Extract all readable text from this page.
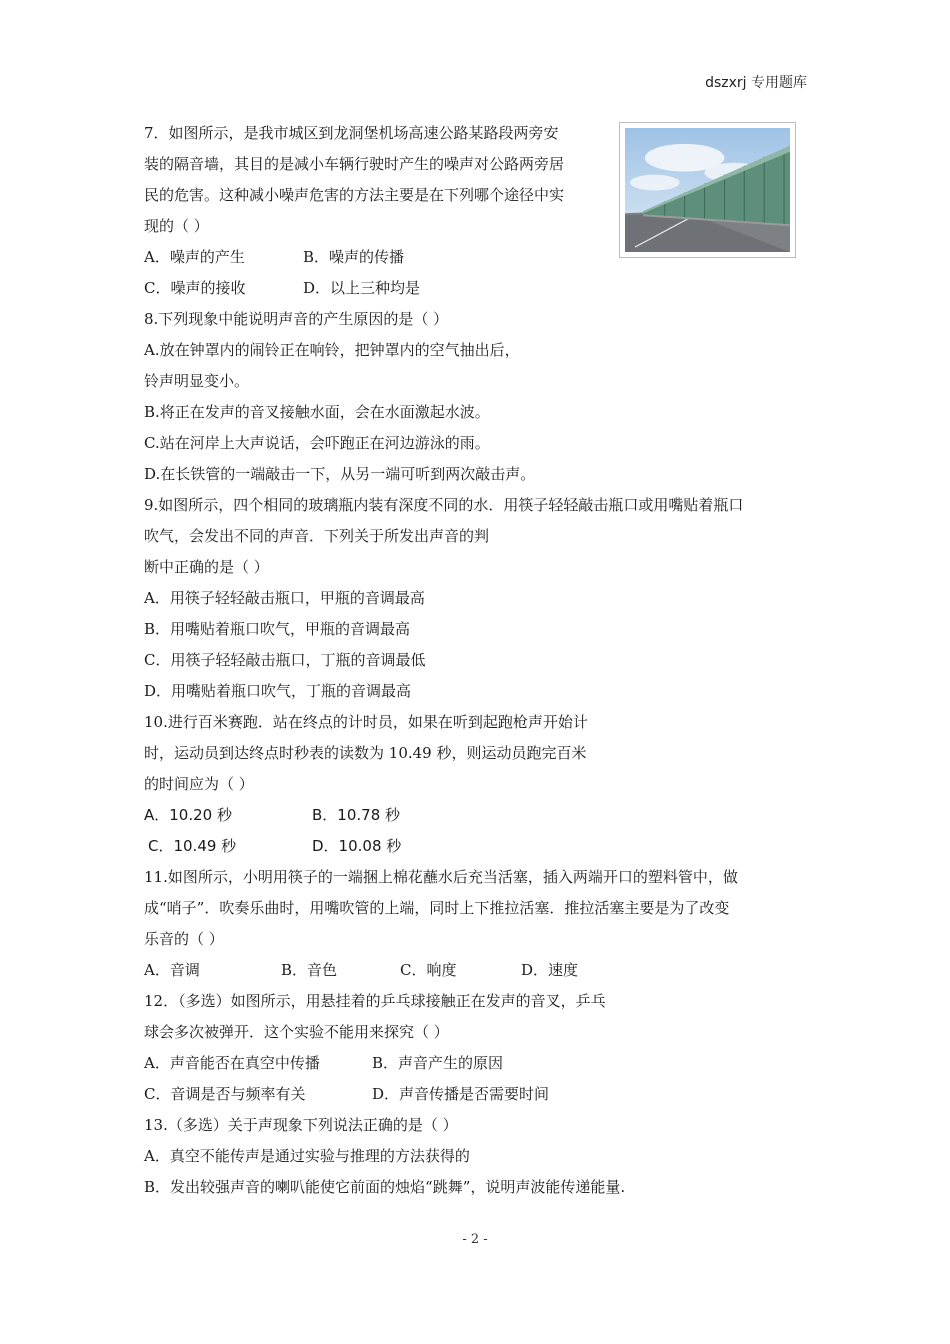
dszxrj 专用题库
7．如图所示，是我市城区到龙洞堡机场高速公路某路段两旁安
装的隔音墙，其目的是减小车辆行驶时产生的噪声对公路两旁居
民的危害。这种减小噪声危害的方法主要是在下列哪个途径中实
现的（ ）
A．噪声的产生	B．噪声的传播
C．噪声的接收	D．以上三种均是
8.下列现象中能说明声音的产生原因的是（ ）
A.放在钟罩内的闹铃正在响铃，把钟罩内的空气抽出后，
铃声明显变小。
B.将正在发声的音叉接触水面，会在水面激起水波。
C.站在河岸上大声说话，会吓跑正在河边游泳的雨。
D.在长铁管的一端敲击一下，从另一端可听到两次敲击声。
9.如图所示，四个相同的玻璃瓶内装有深度不同的水．用筷子轻轻敲击瓶口或用嘴贴着瓶口
吹气，会发出不同的声音．下列关于所发出声音的判
断中正确的是（ ）
A．用筷子轻轻敲击瓶口，甲瓶的音调最高
B．用嘴贴着瓶口吹气，甲瓶的音调最高
C．用筷子轻轻敲击瓶口，丁瓶的音调最低
D．用嘴贴着瓶口吹气，丁瓶的音调最高
10.进行百米赛跑．站在终点的计时员，如果在听到起跑枪声开始计
时，运动员到达终点时秒表的读数为 10.49 秒，则运动员跑完百米
的时间应为（ ）
A．10.20 秒	B．10.78 秒
C．10.49 秒	D．10.08 秒
11.如图所示，小明用筷子的一端捆上棉花蘸水后充当活塞，插入两端开口的塑料管中，做
成“哨子”．吹奏乐曲时，用嘴吹管的上端，同时上下推拉活塞．推拉活塞主要是为了改变
乐音的（ ）
A．音调	B．音色	C．响度	D．速度
12．（多选）如图所示，用悬挂着的乒乓球接触正在发声的音叉，乒乓
球会多次被弹开．这个实验不能用来探究（ ）
A．声音能否在真空中传播	B．声音产生的原因
C．音调是否与频率有关	D．声音传播是否需要时间
13.（多选）关于声现象下列说法正确的是（ ）
A．真空不能传声是通过实验与推理的方法获得的
B．发出较强声音的喇叭能使它前面的烛焰“跳舞”，说明声波能传递能量.
- 2 -
